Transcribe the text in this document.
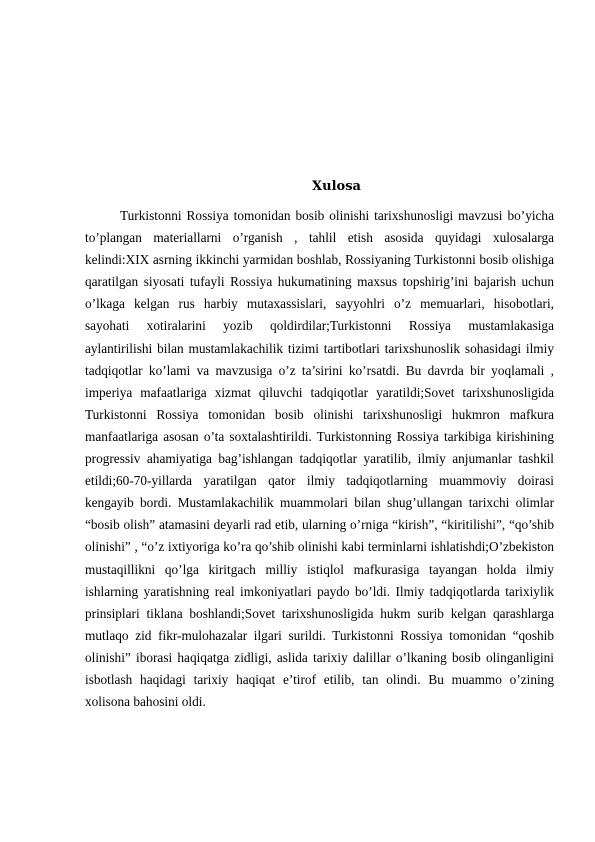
Xulosa

Turkistonni Rossiya tomonidan bosib olinishi tarixshunosligi mavzusi bo’yicha to’plangan materiallarni o’rganish , tahlil etish asosida quyidagi xulosalarga kelindi:XIX asrning ikkinchi yarmidan boshlab, Rossiyaning Turkistonni bosib olishiga qaratilgan siyosati tufayli Rossiya hukumatining maxsus topshirig’ini bajarish uchun o’lkaga kelgan rus harbiy mutaxassislari, sayyohlri o’z memuarlari, hisobotlari, sayohati xotiralarini yozib qoldirdilar;Turkistonni Rossiya mustamlakasiga aylantirilishi bilan mustamlakachilik tizimi tartibotlari tarixshunoslik sohasidagi ilmiy tadqiqotlar ko’lami va mavzusiga o’z ta’sirini ko’rsatdi. Bu davrda bir yoqlamali , imperiya mafaatlariga xizmat qiluvchi tadqiqotlar yaratildi;Sovet tarixshunosligida Turkistonni Rossiya tomonidan bosib olinishi tarixshunosligi hukmron mafkura manfaatlariga asosan o’ta soxtalashtirildi. Turkistonning Rossiya tarkibiga kirishining progressiv ahamiyatiga bag’ishlangan tadqiqotlar yaratilib, ilmiy anjumanlar tashkil etildi;60-70-yillarda yaratilgan qator ilmiy tadqiqotlarning muammoviy doirasi kengayib bordi. Mustamlakachilik muammolari bilan shug’ullangan tarixchi olimlar “bosib olish” atamasini deyarli rad etib, ularning o’rniga “kirish”, “kiritilishi”, “qo’shib olinishi” , “o’z ixtiyoriga ko’ra qo’shib olinishi kabi terminlarni ishlatishdi;O’zbekiston mustaqillikni qo’lga kiritgach milliy istiqlol mafkurasiga tayangan holda ilmiy ishlarning yaratishning real imkoniyatlari paydo bo’ldi. Ilmiy tadqiqotlarda tarixiylik prinsiplari tiklana boshlandi;Sovet tarixshunosligida hukm surib kelgan qarashlarga mutlaqo zid fikr-mulohazalar ilgari surildi. Turkistonni Rossiya tomonidan “qoshib olinishi” iborasi haqiqatga zidligi, aslida tarixiy dalillar o’lkaning bosib olinganligini isbotlash haqidagi tarixiy haqiqat e’tirof etilib, tan olindi. Bu muammo o’zining xolisona bahosini oldi.
